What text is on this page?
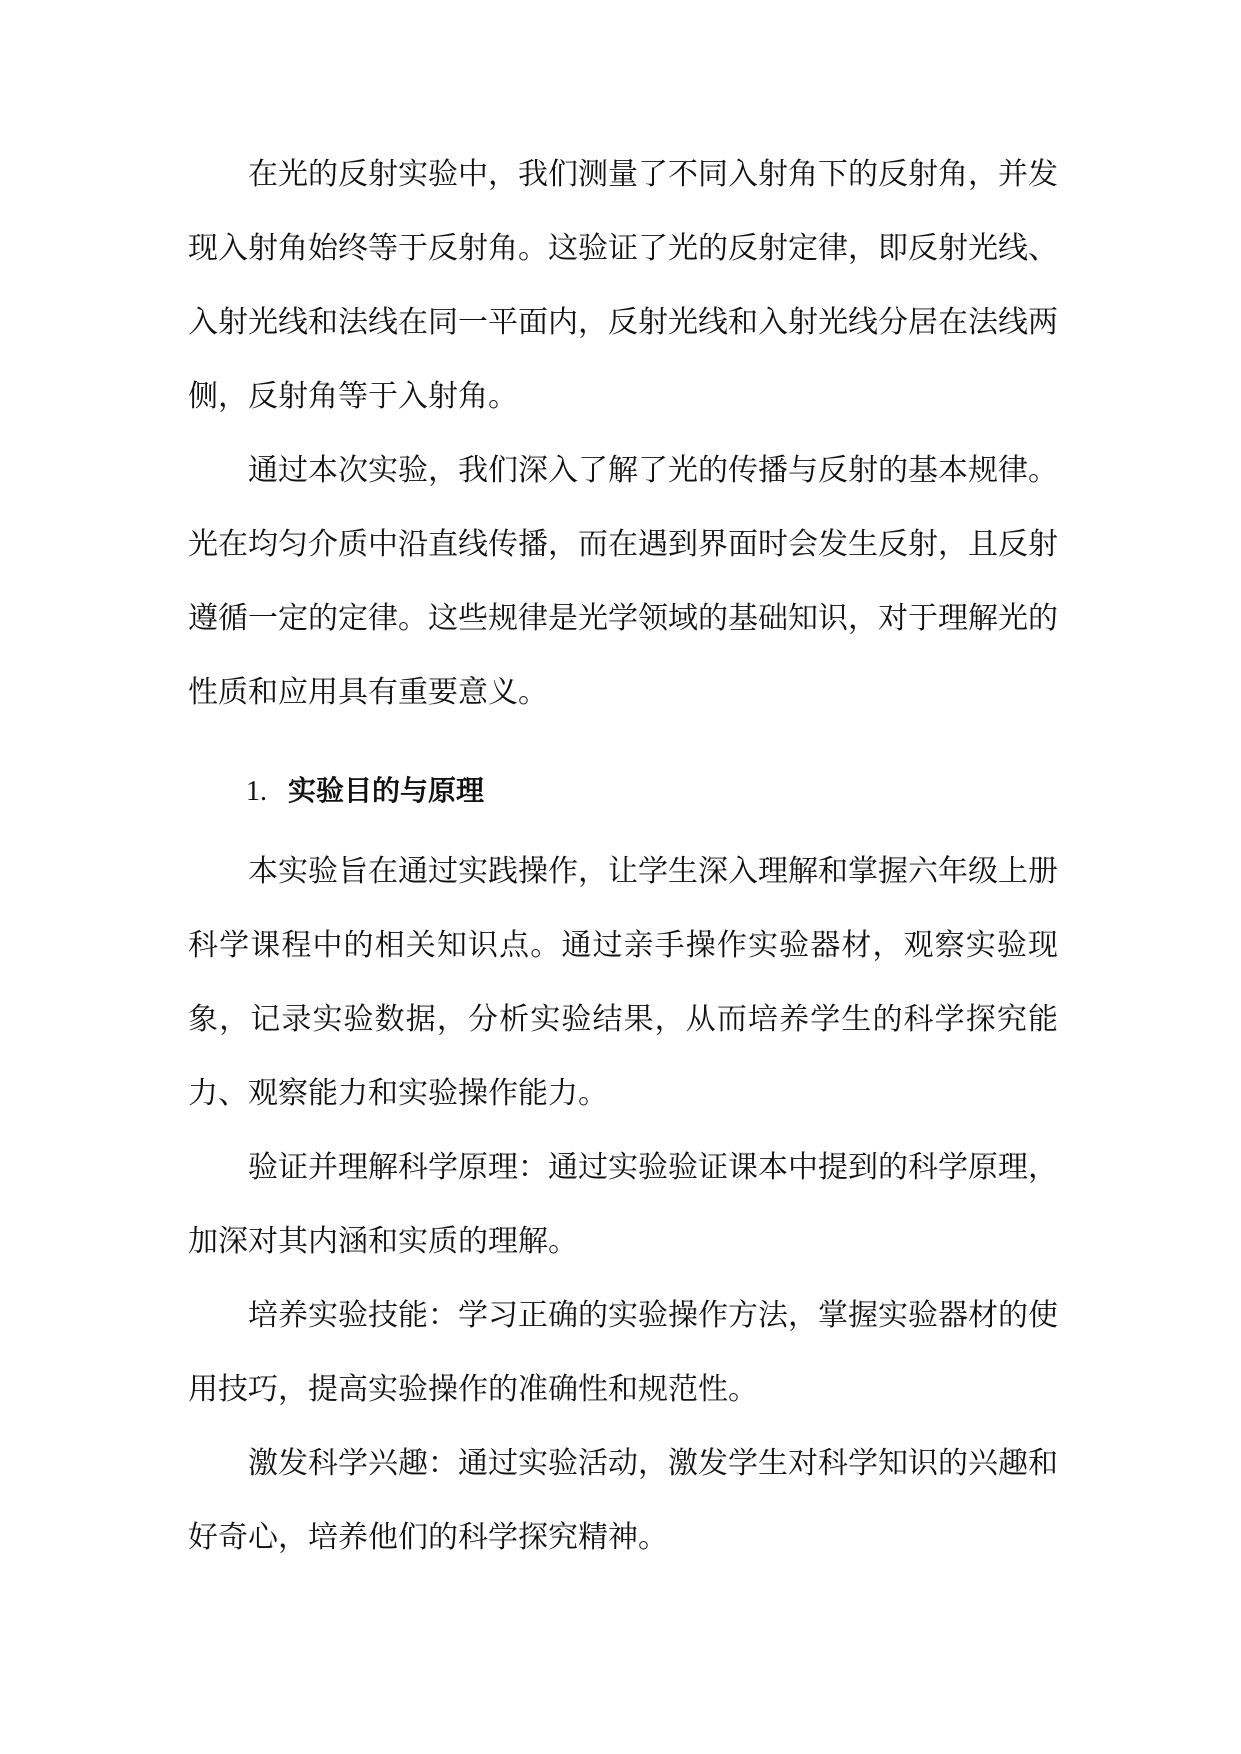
在光的反射实验中，我们测量了不同入射角下的反射角，并发现入射角始终等于反射角。这验证了光的反射定律，即反射光线、入射光线和法线在同一平面内，反射光线和入射光线分居在法线两侧，反射角等于入射角。

通过本次实验，我们深入了解了光的传播与反射的基本规律。光在均匀介质中沿直线传播，而在遇到界面时会发生反射，且反射遵循一定的定律。这些规律是光学领域的基础知识，对于理解光的性质和应用具有重要意义。

1. 实验目的与原理

本实验旨在通过实践操作，让学生深入理解和掌握六年级上册科学课程中的相关知识点。通过亲手操作实验器材，观察实验现象，记录实验数据，分析实验结果，从而培养学生的科学探究能力、观察能力和实验操作能力。

验证并理解科学原理：通过实验验证课本中提到的科学原理，加深对其内涵和实质的理解。

培养实验技能：学习正确的实验操作方法，掌握实验器材的使用技巧，提高实验操作的准确性和规范性。

激发科学兴趣：通过实验活动，激发学生对科学知识的兴趣和好奇心，培养他们的科学探究精神。
